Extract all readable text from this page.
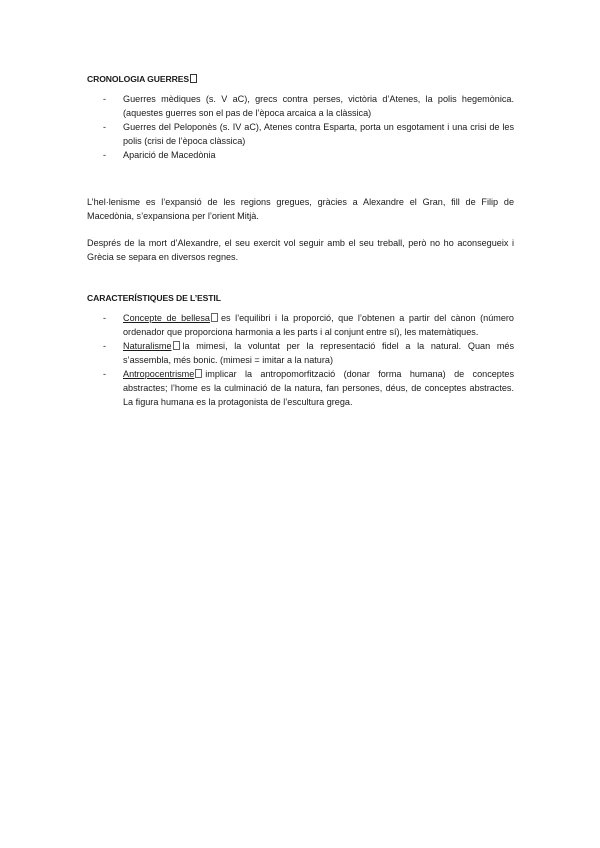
CRONOLOGIA GUERRES
- Guerres mèdiques (s. V aC), grecs contra perses, victòria d’Atenes, la polis hegemònica. (aquestes guerres son el pas de l’època arcaica a la clàssica)
- Guerres del Peloponès (s. IV aC), Atenes contra Esparta, porta un esgotament i una crisi de les polis (crisi de l’època clàssica)
- Aparició de Macedònia

L’hel·lenisme es l’expansió de les regions gregues, gràcies a Alexandre el Gran, fill de Filip de Macedònia, s’expansiona per l’orient Mitjà.

Després de la mort d’Alexandre, el seu exercit vol seguir amb el seu treball, però no ho aconsegueix i Grècia se separa en diversos regnes.

CARACTERÍSTIQUES DE L’ESTIL
- Concepte de bellesa es l’equilibri i la proporció, que l’obtenen a partir del cànon (número ordenador que proporciona harmonia a les parts i al conjunt entre sí), les matemàtiques.
- Naturalisme la mimesi, la voluntat per la representació fidel a la natural. Quan més s’assembla, més bonic. (mimesi = imitar a la natura)
- Antropocentrisme implicar la antropomorfització (donar forma humana) de conceptes abstractes; l’home es la culminació de la natura, fan persones, déus, de conceptes abstractes. La figura humana es la protagonista de l’escultura grega.
